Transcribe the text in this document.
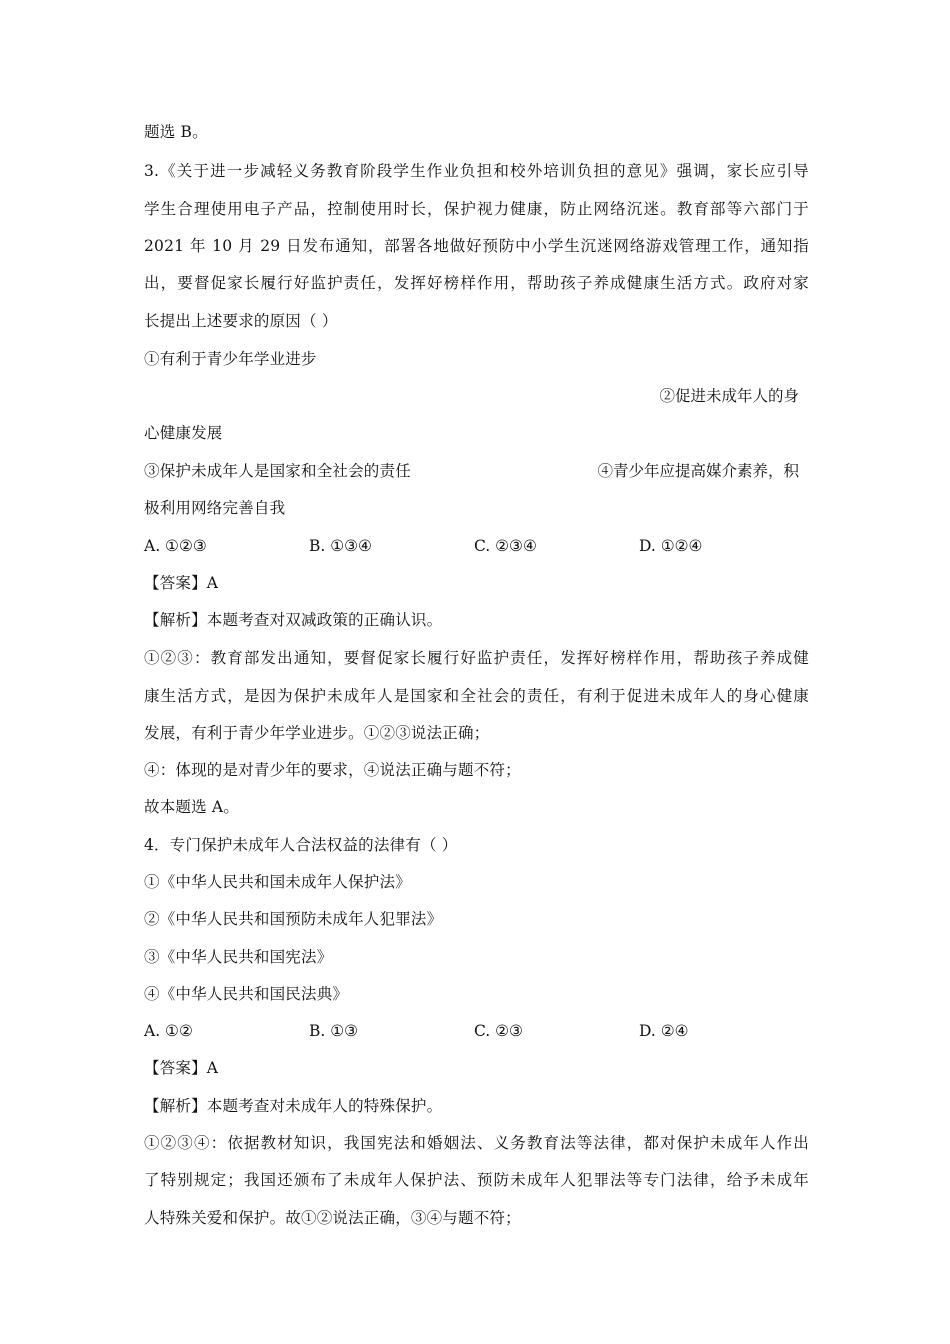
题选 B。
3.《关于进一步减轻义务教育阶段学生作业负担和校外培训负担的意见》强调，家长应引导
学生合理使用电子产品，控制使用时长，保护视力健康，防止网络沉迷。教育部等六部门于
2021 年 10 月 29 日发布通知，部署各地做好预防中小学生沉迷网络游戏管理工作，通知指
出，要督促家长履行好监护责任，发挥好榜样作用，帮助孩子养成健康生活方式。政府对家
长提出上述要求的原因（ ）
①有利于青少年学业进步
②促进未成年人的身
心健康发展
③保护未成年人是国家和全社会的责任	④青少年应提高媒介素养，积
极利用网络完善自我
A. ①②③	B. ①③④	C. ②③④	D. ①②④
【答案】A
【解析】本题考查对双减政策的正确认识。
①②③：教育部发出通知，要督促家长履行好监护责任，发挥好榜样作用，帮助孩子养成健
康生活方式，是因为保护未成年人是国家和全社会的责任，有利于促进未成年人的身心健康
发展，有利于青少年学业进步。①②③说法正确；
④：体现的是对青少年的要求，④说法正确与题不符；
故本题选 A。
4．专门保护未成年人合法权益的法律有（ ）
①《中华人民共和国未成年人保护法》
②《中华人民共和国预防未成年人犯罪法》
③《中华人民共和国宪法》
④《中华人民共和国民法典》
A. ①②	B. ①③	C. ②③	D. ②④
【答案】A
【解析】本题考查对未成年人的特殊保护。
①②③④：依据教材知识，我国宪法和婚姻法、义务教育法等法律，都对保护未成年人作出
了特别规定；我国还颁布了未成年人保护法、预防未成年人犯罪法等专门法律，给予未成年
人特殊关爱和保护。故①②说法正确，③④与题不符；
